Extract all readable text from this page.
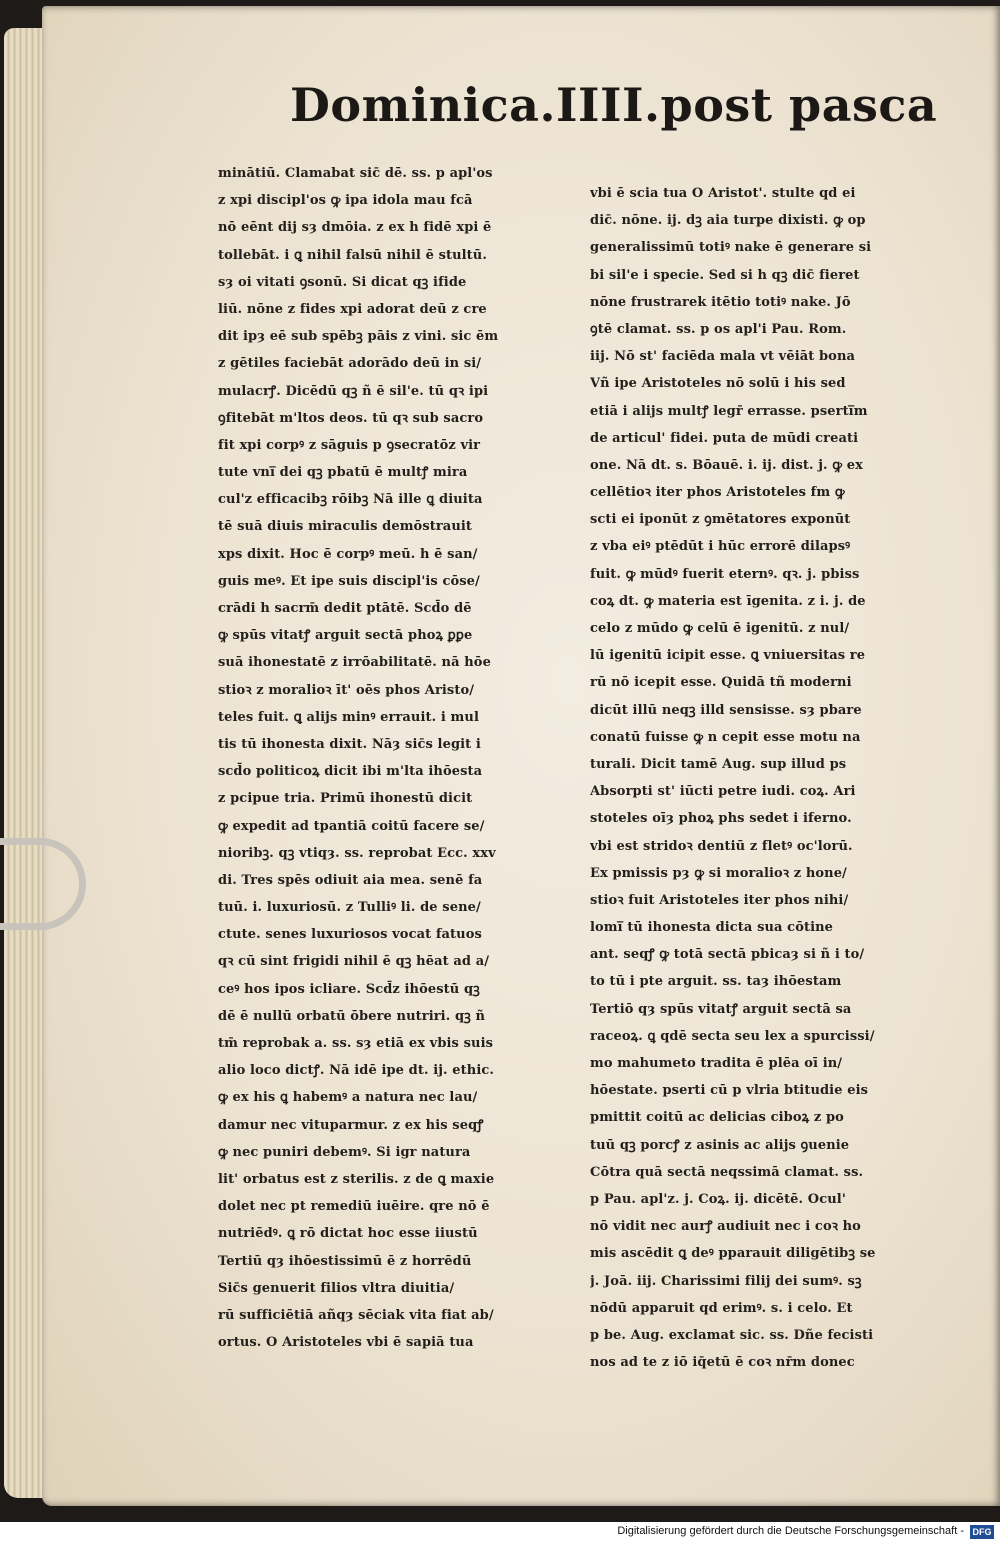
Dominica.IIII.post pasca
minātiū. Clamabat sic̄ dē. ss. p apl'os
z xpi discipl'os ꝙ ipa idola mau fcā
nō eēnt dij sȝ dmōia. z ex h fidē xpi ē
tollebāt. i ꝗ nihil falsū nihil ē stultū.
sȝ oi vitati ꝯsonū. Si dicat qꝫ ifide
liū. nōne z fides xpi adorat deū z cre
dit ipȝ eē sub spēbꝫ pāis z vini. sic ēm
z gētiles faciebāt adorādo deū in si/
mulacrꝭ. Dicēdū qꝫ ñ ē sil'e. tū qꝛ ipi
ꝯfitebāt m'ltos deos. tū qꝛ sub sacro
fit xpi corpꝰ z sāguis p ꝯsecratōz vir
tute vni̅ dei qꝫ pbatū ē multꝭ mira
cul'z efficacibꝫ rōibꝫ Nā ille ꝗ diuita
tē suā diuis miraculis demōstrauit
xps dixit. Hoc ē corpꝰ meū. h ē san/
guis meꝰ. Et ipe suis discipl'is cōse/
crādi h sacrm̄ dedit ptātē. Scd̄o dē
ꝙ spūs vitatꝭ arguit sectā phoꝝ ꝑꝑe
suā ihonestatē z irrōabilitatē. nā hōe
stioꝛ z moralioꝛ īt' oēs phos Aristo/
teles fuit. ꝗ alijs minꝰ errauit. i mul
tis tū ihonesta dixit. Nāȝ sic̄s legit i
scd̄o politicoꝝ dicit ibi m'lta ihōesta
z pcipue tria. Primū ihonestū dicit
ꝙ expedit ad tpantiā coitū facere se/
nioribꝫ. qꝫ vtiqȝ. ss. reprobat Ecc. xxv
di. Tres spēs odiuit aia mea. senē fa
tuū. i. luxuriosū. z Tulliꝰ li. de sene/
ctute. senes luxuriosos vocat fatuos
qꝛ cū sint frigidi nihil ē qꝫ hēat ad a/
ceꝰ hos ipos icliare. Scd̄z ihōestū qꝫ
dē ē nullū orbatū ōbere nutriri. qꝫ ñ
tm̄ reprobak a. ss. sȝ etiā ex vbis suis
alio loco dictꝭ. Nā idē ipe dt. ij. ethic.
ꝙ ex his ꝗ habemꝰ a natura nec lau/
damur nec vituparmur. z ex his seqꝭ
ꝙ nec puniri debemꝰ. Si igr natura
lit' orbatus est z sterilis. z de ꝗ maxie
dolet nec pt remediū iuēire. qre nō ē
nutriēdꝰ. ꝗ rō dictat hoc esse iiustū
Tertiū qȝ ihōestissimū ē z horrēdū
Sic̄s genuerit filios vltra diuitia/
rū sufficiētiā añqȝ sēciak vita fiat ab/
ortus. O Aristoteles vbi ē sapiā tua
vbi ē scia tua O Aristot'. stulte qd ei
dic̄. nōne. ij. dꝫ aia turpe dixisti. ꝙ op
generalissimū totiꝰ nake ē generare si
bi sil'e i specie. Sed si h qꝫ dic̄ fieret
nōne frustrarek itētio totiꝰ nake. Jō
ꝯtē clamat. ss. p os apl'i Pau. Rom.
iij. Nō st' faciēda mala vt vēiāt bona
Vñ ipe Aristoteles nō solū i his sed
etiā i alijs multꝭ legr̄ errasse. pserti̅m
de articul' fidei. puta de mūdi creati
one. Nā dt. s. Bōauē. i. ij. dist. j. ꝙ ex
cellētioꝛ iter phos Aristoteles fm ꝙ
scti ei iponūt z ꝯmētatores exponūt
z vba eiꝰ ptēdūt i hūc errorē dilapsꝰ
fuit. ꝙ mūdꝰ fuerit eternꝰ. qꝛ. j. pbiss
coꝝ dt. ꝙ materia est īgenita. z i. j. de
celo z mūdo ꝙ celū ē igenitū. z nul/
lū igenitū icipit esse. ꝗ vniuersitas re
rū nō icepit esse. Quidā tñ moderni
dicūt illū neqꝫ illd sensisse. sȝ pbare
conatū fuisse ꝙ n cepit esse motu na
turali. Dicit tamē Aug. sup illud ps
Absorpti st' iūcti petre iudi. coꝝ. Ari
stoteles oīȝ phoꝝ phs sedet i iferno.
vbi est stridoꝛ dentiū z fletꝰ oc'lorū.
Ex pmissis pȝ ꝙ si moralioꝛ z hone/
stioꝛ fuit Aristoteles iter phos nihi/
lomi̅ tū ihonesta dicta sua cōtine
ant. seqꝭ ꝙ totā sectā pbicaȝ si ñ i to/
to tū i pte arguit. ss. taȝ ihōestam
Tertiō qȝ spūs vitatꝭ arguit sectā sa
raceoꝝ. ꝗ qdē secta seu lex a spurcissi/
mo mahumeto tradita ē plēa oī in/
hōestate. pserti cū p vlria btitudie eis
pmittit coitū ac delicias ciboꝝ z po
tuū qꝫ porcꝭ z asinis ac alijs ꝯuenie
Cōtra quā sectā neqssimā clamat. ss.
p Pau. apl'z. j. Coꝝ. ij. dicētē. Ocul'
nō vidit nec aurꝭ audiuit nec i coꝛ ho
mis ascēdit ꝗ deꝰ pparauit diligētibꝫ se
j. Joā. iij. Charissimi filij dei sumꝰ. sꝫ
nōdū apparuit qd erimꝰ. s. i celo. Et
p be. Aug. exclamat sic. ss. Dñe fecisti
nos ad te z iō iq̄etū ē coꝛ nr̄m donec

Digitalisierung gefördert durch die Deutsche Forschungsgemeinschaft - DFG
